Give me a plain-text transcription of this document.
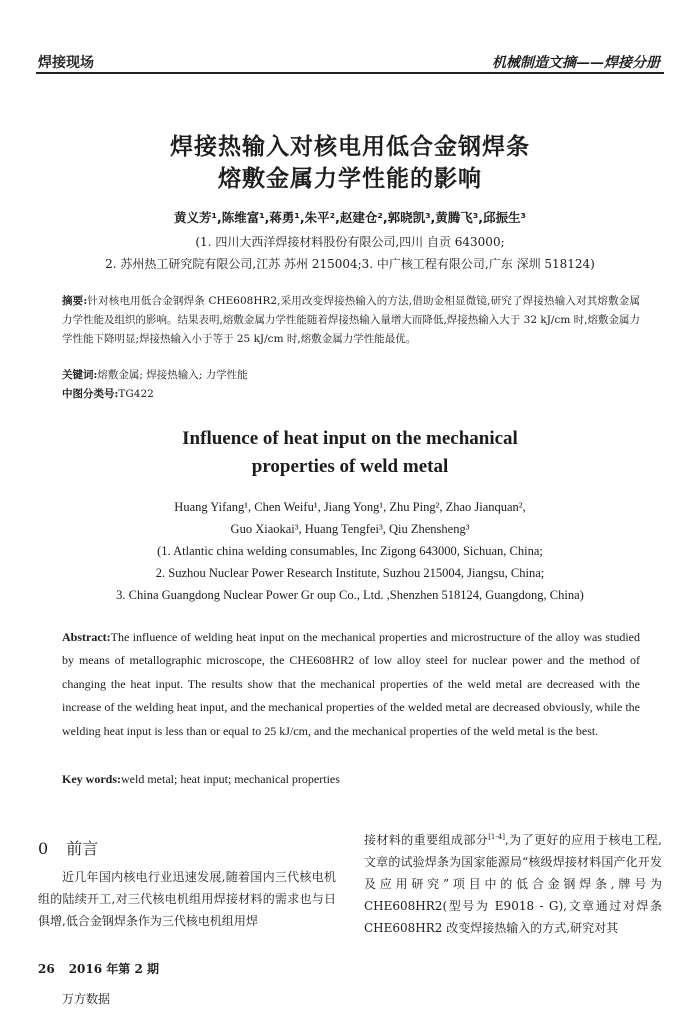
焊接现场	机械制造文摘——焊接分册
焊接热输入对核电用低合金钢焊条
熔敷金属力学性能的影响
黄义芳¹,陈维富¹,蒋勇¹,朱平²,赵建仓²,郭晓凯³,黄腾飞³,邱振生³
(1. 四川大西洋焊接材料股份有限公司,四川 自贡 643000;
2. 苏州热工研究院有限公司,江苏 苏州 215004;3. 中广核工程有限公司,广东 深圳 518124)
摘要:针对核电用低合金钢焊条 CHE608HR2,采用改变焊接热输入的方法,借助金相显微镜,研究了焊接热输入对其熔敷金属力学性能及组织的影响。结果表明,熔敷金属力学性能随着焊接热输入量增大而降低,焊接热输入大于 32 kJ/cm 时,熔敷金属力学性能下降明显;焊接热输入小于等于 25 kJ/cm 时,熔敷金属力学性能最优。
关键词:熔敷金属; 焊接热输入; 力学性能
中图分类号:TG422
Influence of heat input on the mechanical
properties of weld metal
Huang Yifang¹, Chen Weifu¹, Jiang Yong¹, Zhu Ping², Zhao Jianquan²,
Guo Xiaokai³, Huang Tengfei³, Qiu Zhensheng³
(1. Atlantic china welding consumables, Inc Zigong 643000, Sichuan, China;
2. Suzhou Nuclear Power Research Institute, Suzhou 215004, Jiangsu, China;
3. China Guangdong Nuclear Power Gr oup Co., Ltd. ,Shenzhen 518124, Guangdong, China)
Abstract:The influence of welding heat input on the mechanical properties and microstructure of the alloy was studied by means of metallographic microscope, the CHE608HR2 of low alloy steel for nuclear power and the method of changing the heat input. The results show that the mechanical properties of the weld metal are decreased with the increase of the welding heat input, and the mechanical properties of the welded metal are decreased obviously, while the welding heat input is less than or equal to 25 kJ/cm, and the mechanical properties of the weld metal is the best.
Key words:weld metal; heat input; mechanical properties
0 前言
近几年国内核电行业迅速发展,随着国内三代核电机组的陆续开工,对三代核电机组用焊接材料的需求也与日俱增,低合金钢焊条作为三代核电机组用焊
接材料的重要组成部分[1-4],为了更好的应用于核电工程,文章的试验焊条为国家能源局“核级焊接材料国产化开发及应用研究”项目中的低合金钢焊条,牌号为 CHE608HR2(型号为 E9018 - G),文章通过对焊条 CHE608HR2 改变焊接热输入的方式,研究对其
26 2016 年第 2 期
万方数据
